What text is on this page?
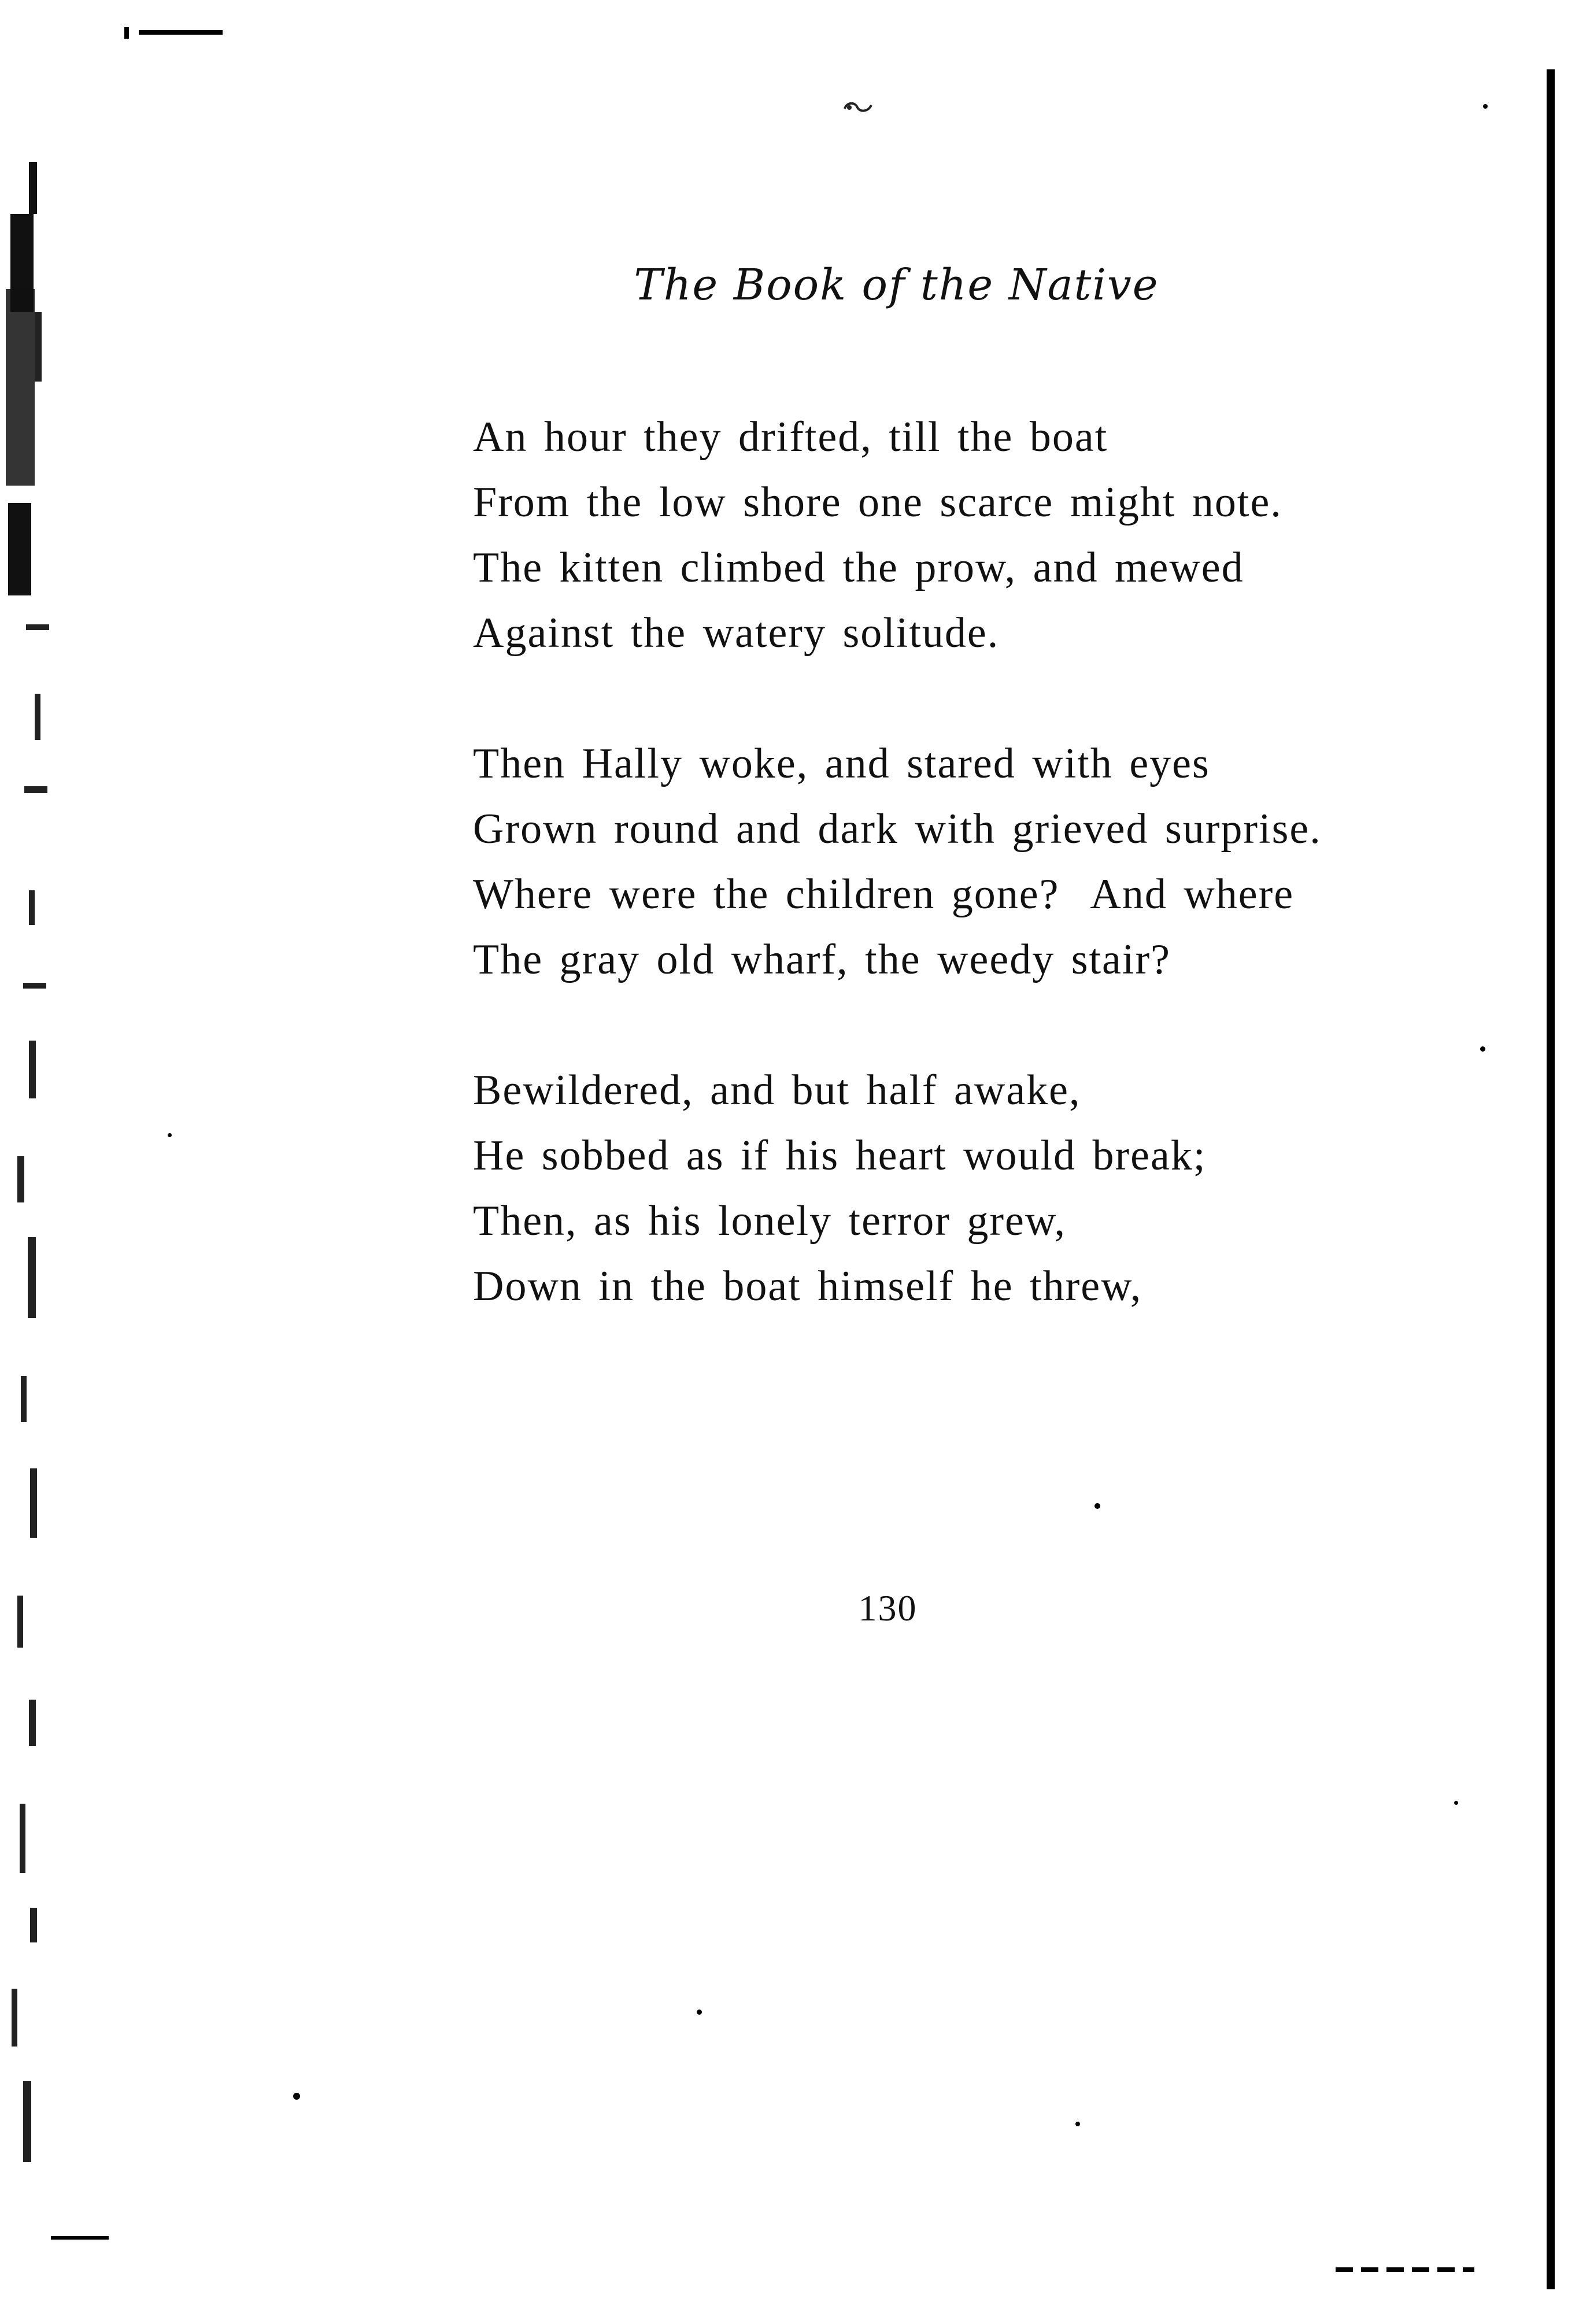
The Book of the Native
An hour they drifted, till the boat
From the low shore one scarce might note.
The kitten climbed the prow, and mewed
Against the watery solitude.
Then Hally woke, and stared with eyes
Grown round and dark with grieved surprise.
Where were the children gone?  And where
The gray old wharf, the weedy stair?
Bewildered, and but half awake,
He sobbed as if his heart would break;
Then, as his lonely terror grew,
Down in the boat himself he threw,
130
